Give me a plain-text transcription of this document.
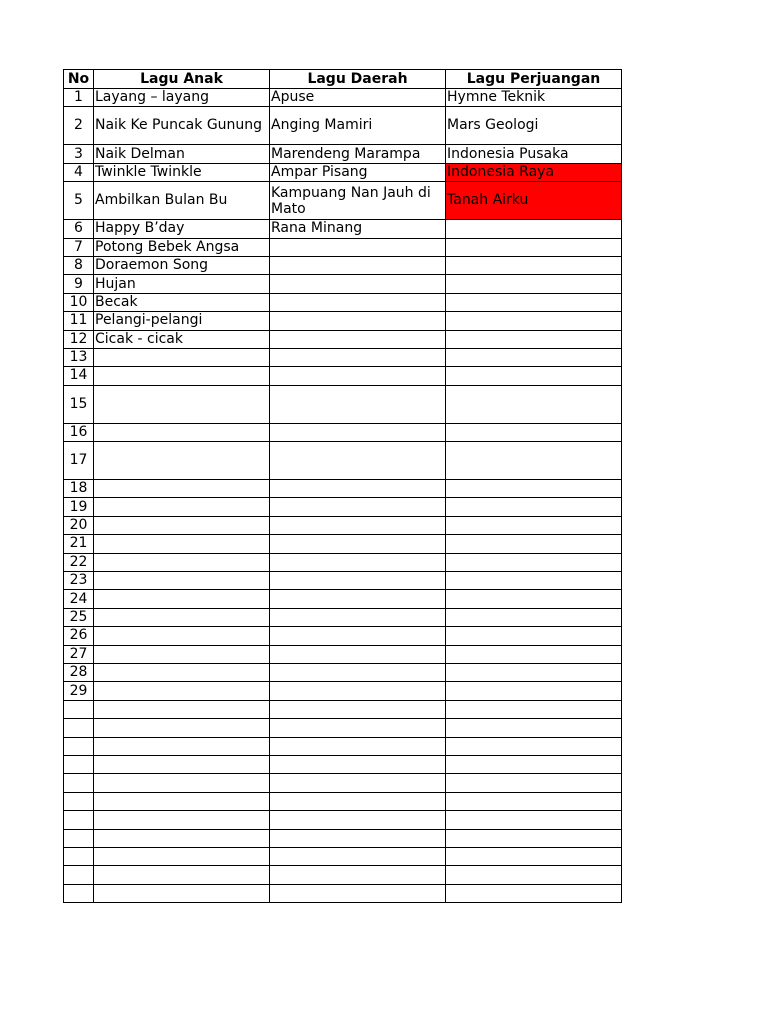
No	Lagu Anak	Lagu Daerah	Lagu Perjuangan
1	Layang – layang	Apuse	Hymne Teknik
2	Naik Ke Puncak Gunung	Anging Mamiri	Mars Geologi
3	Naik Delman	Marendeng Marampa	Indonesia Pusaka
4	Twinkle Twinkle	Ampar Pisang	Indonesia Raya
5	Ambilkan Bulan Bu	Kampuang Nan Jauh di Mato	Tanah Airku
6	Happy B’day	Rana Minang	
7	Potong Bebek Angsa		
8	Doraemon Song		
9	Hujan		
10	Becak		
11	Pelangi-pelangi		
12	Cicak - cicak		
13			
14			
15			
16			
17			
18			
19			
20			
21			
22			
23			
24			
25			
26			
27			
28			
29			
